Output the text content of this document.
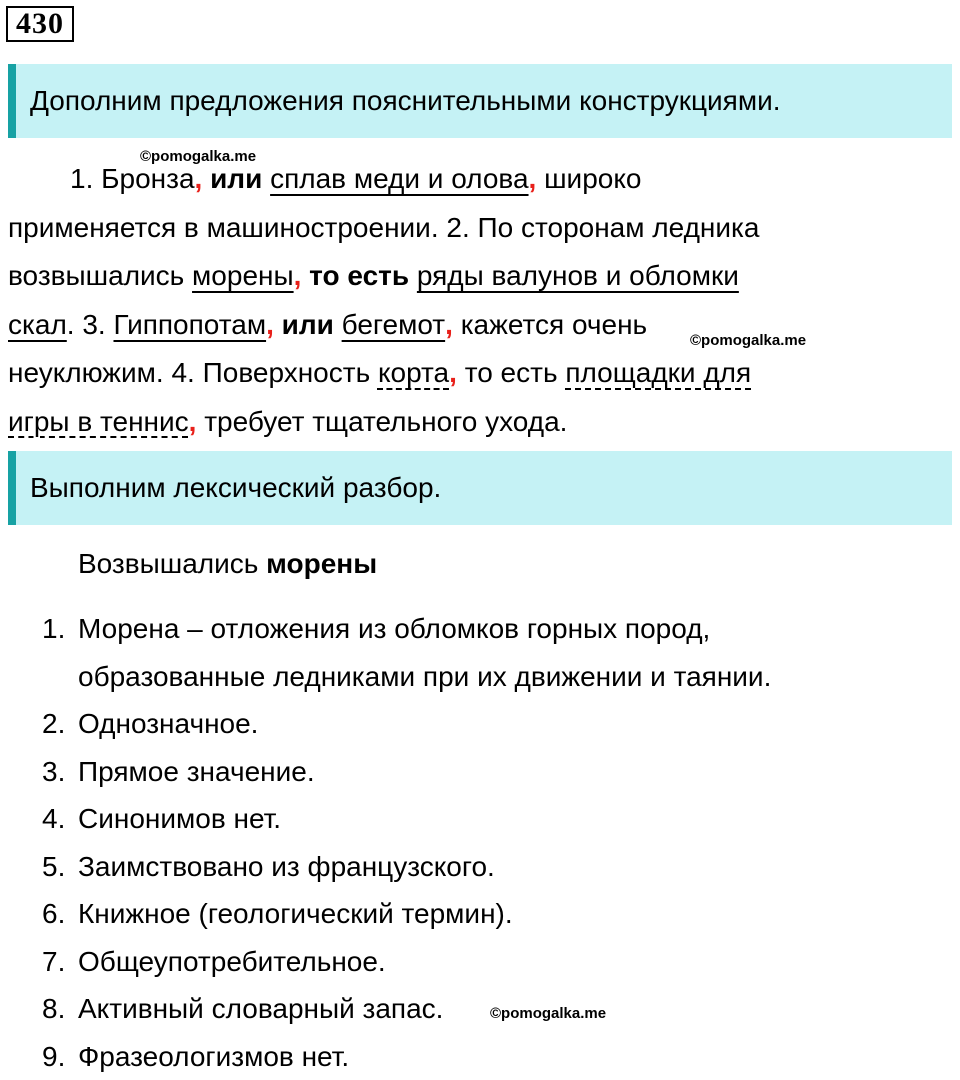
430
Дополним предложения пояснительными конструкциями.
1. Бронза, или сплав меди и олова, широко
применяется в машиностроении. 2. По сторонам ледника
возвышались морены, то есть ряды валунов и обломки
скал. 3. Гиппопотам, или бегемот, кажется очень
неуклюжим. 4. Поверхность корта, то есть площадки для
игры в теннис, требует тщательного ухода.
©pomogalka.me
©pomogalka.me
Выполним лексический разбор.
Возвышались морены
1. Морена – отложения из обломков горных пород,
образованные ледниками при их движении и таянии.
2. Однозначное.
3. Прямое значение.
4. Синонимов нет.
5. Заимствовано из французского.
6. Книжное (геологический термин).
7. Общеупотребительное.
8. Активный словарный запас.
9. Фразеологизмов нет.
©pomogalka.me
